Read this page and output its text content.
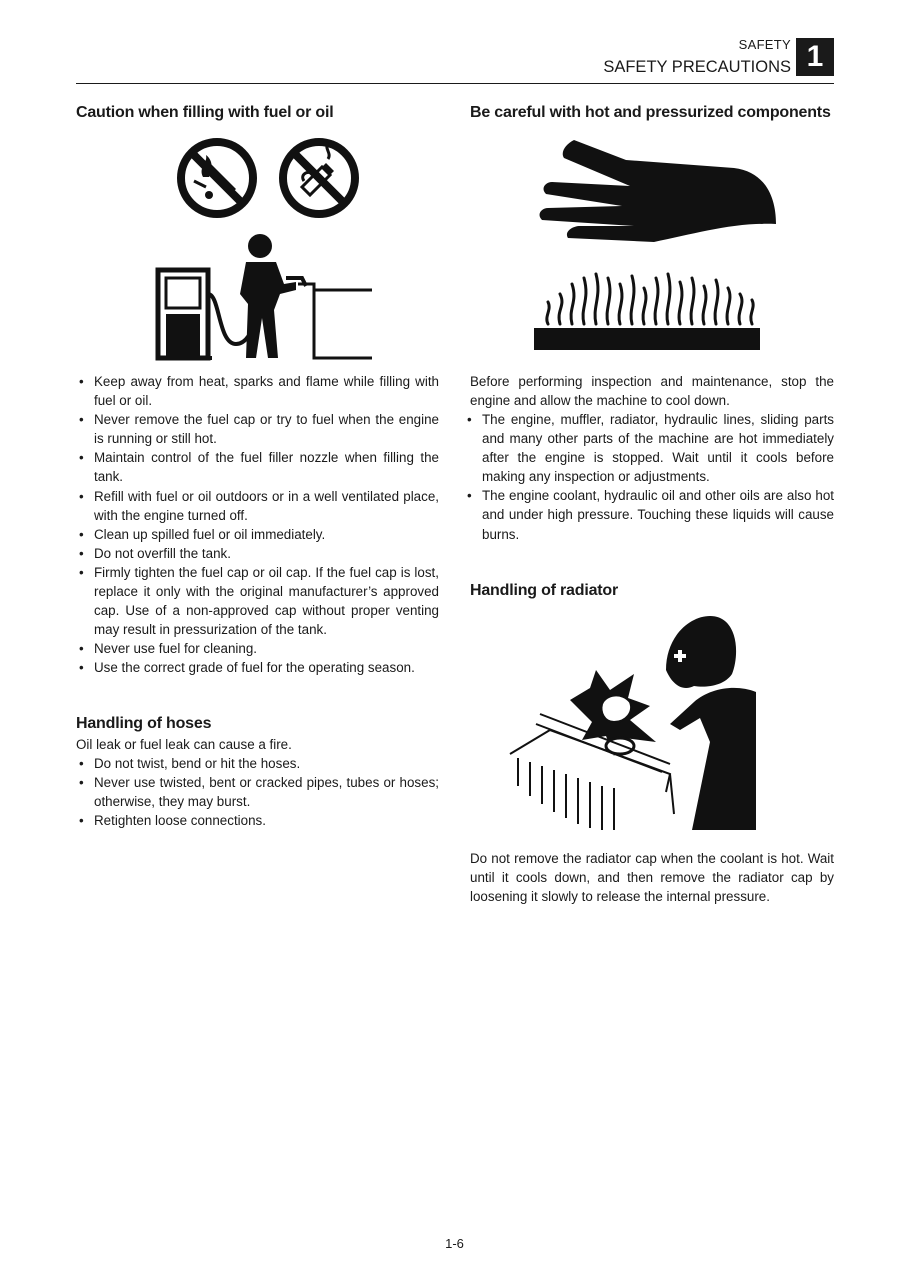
SAFETY
SAFETY PRECAUTIONS 1
Caution when filling with fuel or oil
• Keep away from heat, sparks and flame while filling with fuel or oil.
• Never remove the fuel cap or try to fuel when the engine is running or still hot.
• Maintain control of the fuel filler nozzle when filling the tank.
• Refill with fuel or oil outdoors or in a well ventilated place, with the engine turned off.
• Clean up spilled fuel or oil immediately.
• Do not overfill the tank.
• Firmly tighten the fuel cap or oil cap. If the fuel cap is lost, replace it only with the original manufacturer’s approved cap. Use of a non-approved cap without proper venting may result in pressurization of the tank.
• Never use fuel for cleaning.
• Use the correct grade of fuel for the operating season.
Handling of hoses
Oil leak or fuel leak can cause a fire.
• Do not twist, bend or hit the hoses.
• Never use twisted, bent or cracked pipes, tubes or hoses; otherwise, they may burst.
• Retighten loose connections.
Be careful with hot and pressurized components
Before performing inspection and maintenance, stop the engine and allow the machine to cool down.
• The engine, muffler, radiator, hydraulic lines, sliding parts and many other parts of the machine are hot immediately after the engine is stopped. Wait until it cools before making any inspection or adjustments.
• The engine coolant, hydraulic oil and other oils are also hot and under high pressure. Touching these liquids will cause burns.
Handling of radiator
Do not remove the radiator cap when the coolant is hot. Wait until it cools down, and then remove the radiator cap by loosening it slowly to release the internal pressure.
1-6
